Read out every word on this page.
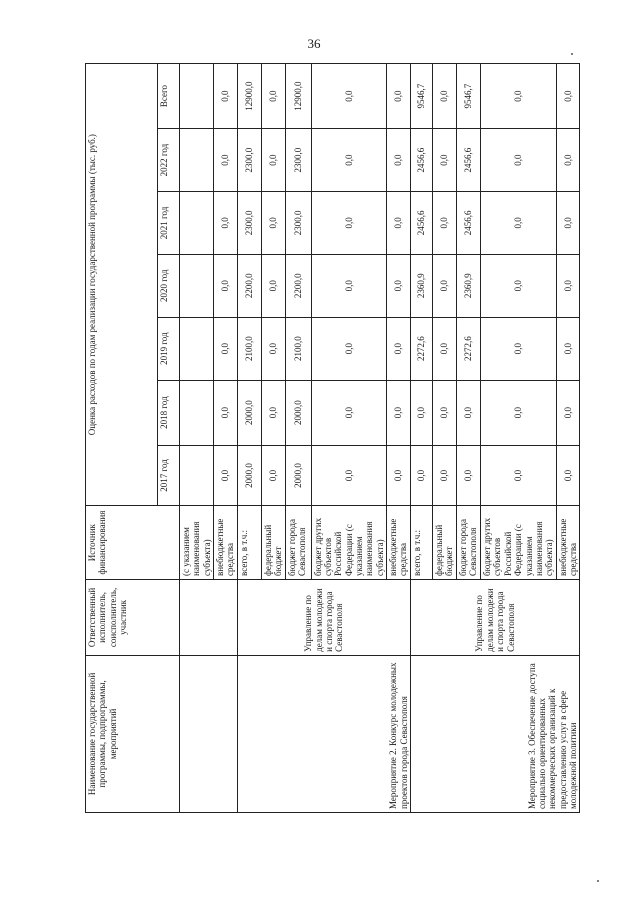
36
Наименование государственной программы, подпрограммы, мероприятий	Ответственный исполнитель, соисполнитель, участник	Источник финансирования	Оценка расходов по годам реализации государственной программы (тыс. руб.)						
			2017 год	2018 год	2019 год	2020 год	2021 год	2022 год	Всего
		(с указанием наименования субъекта)							
		внебюджетные средства	0,0	0,0	0,0	0,0	0,0	0,0	0,0
Мероприятие 2. Конкурс молодежных проектов города Севастополя	Управление по делам молодежи и спорта города Севастополя	всего, в т.ч.:	2000,0	2000,0	2100,0	2200,0	2300,0	2300,0	12900,0
		федеральный бюджет	0,0	0,0	0,0	0,0	0,0	0,0	0,0
		бюджет города Севастополя	2000,0	2000,0	2100,0	2200,0	2300,0	2300,0	12900,0
		бюджет других субъектов Российской Федерации (с указанием наименования субъекта)	0,0	0,0	0,0	0,0	0,0	0,0	0,0
		внебюджетные средства	0,0	0,0	0,0	0,0	0,0	0,0	0,0
Мероприятие 3. Обеспечение доступа социально ориентированных некоммерческих организаций к предоставлению услуг в сфере молодежной политики	Управление по делам молодежи и спорта города Севастополя	всего, в т.ч.:	0,0	0,0	2272,6	2360,9	2456,6	2456,6	9546,7
		федеральный бюджет	0,0	0,0	0,0	0,0	0,0	0,0	0,0
		бюджет города Севастополя	0,0	0,0	2272,6	2360,9	2456,6	2456,6	9546,7
		бюджет других субъектов Российской Федерации (с указанием наименования субъекта)	0,0	0,0	0,0	0,0	0,0	0,0	0,0
		внебюджетные средства	0,0	0,0	0,0	0,0	0,0	0,0	0,0
